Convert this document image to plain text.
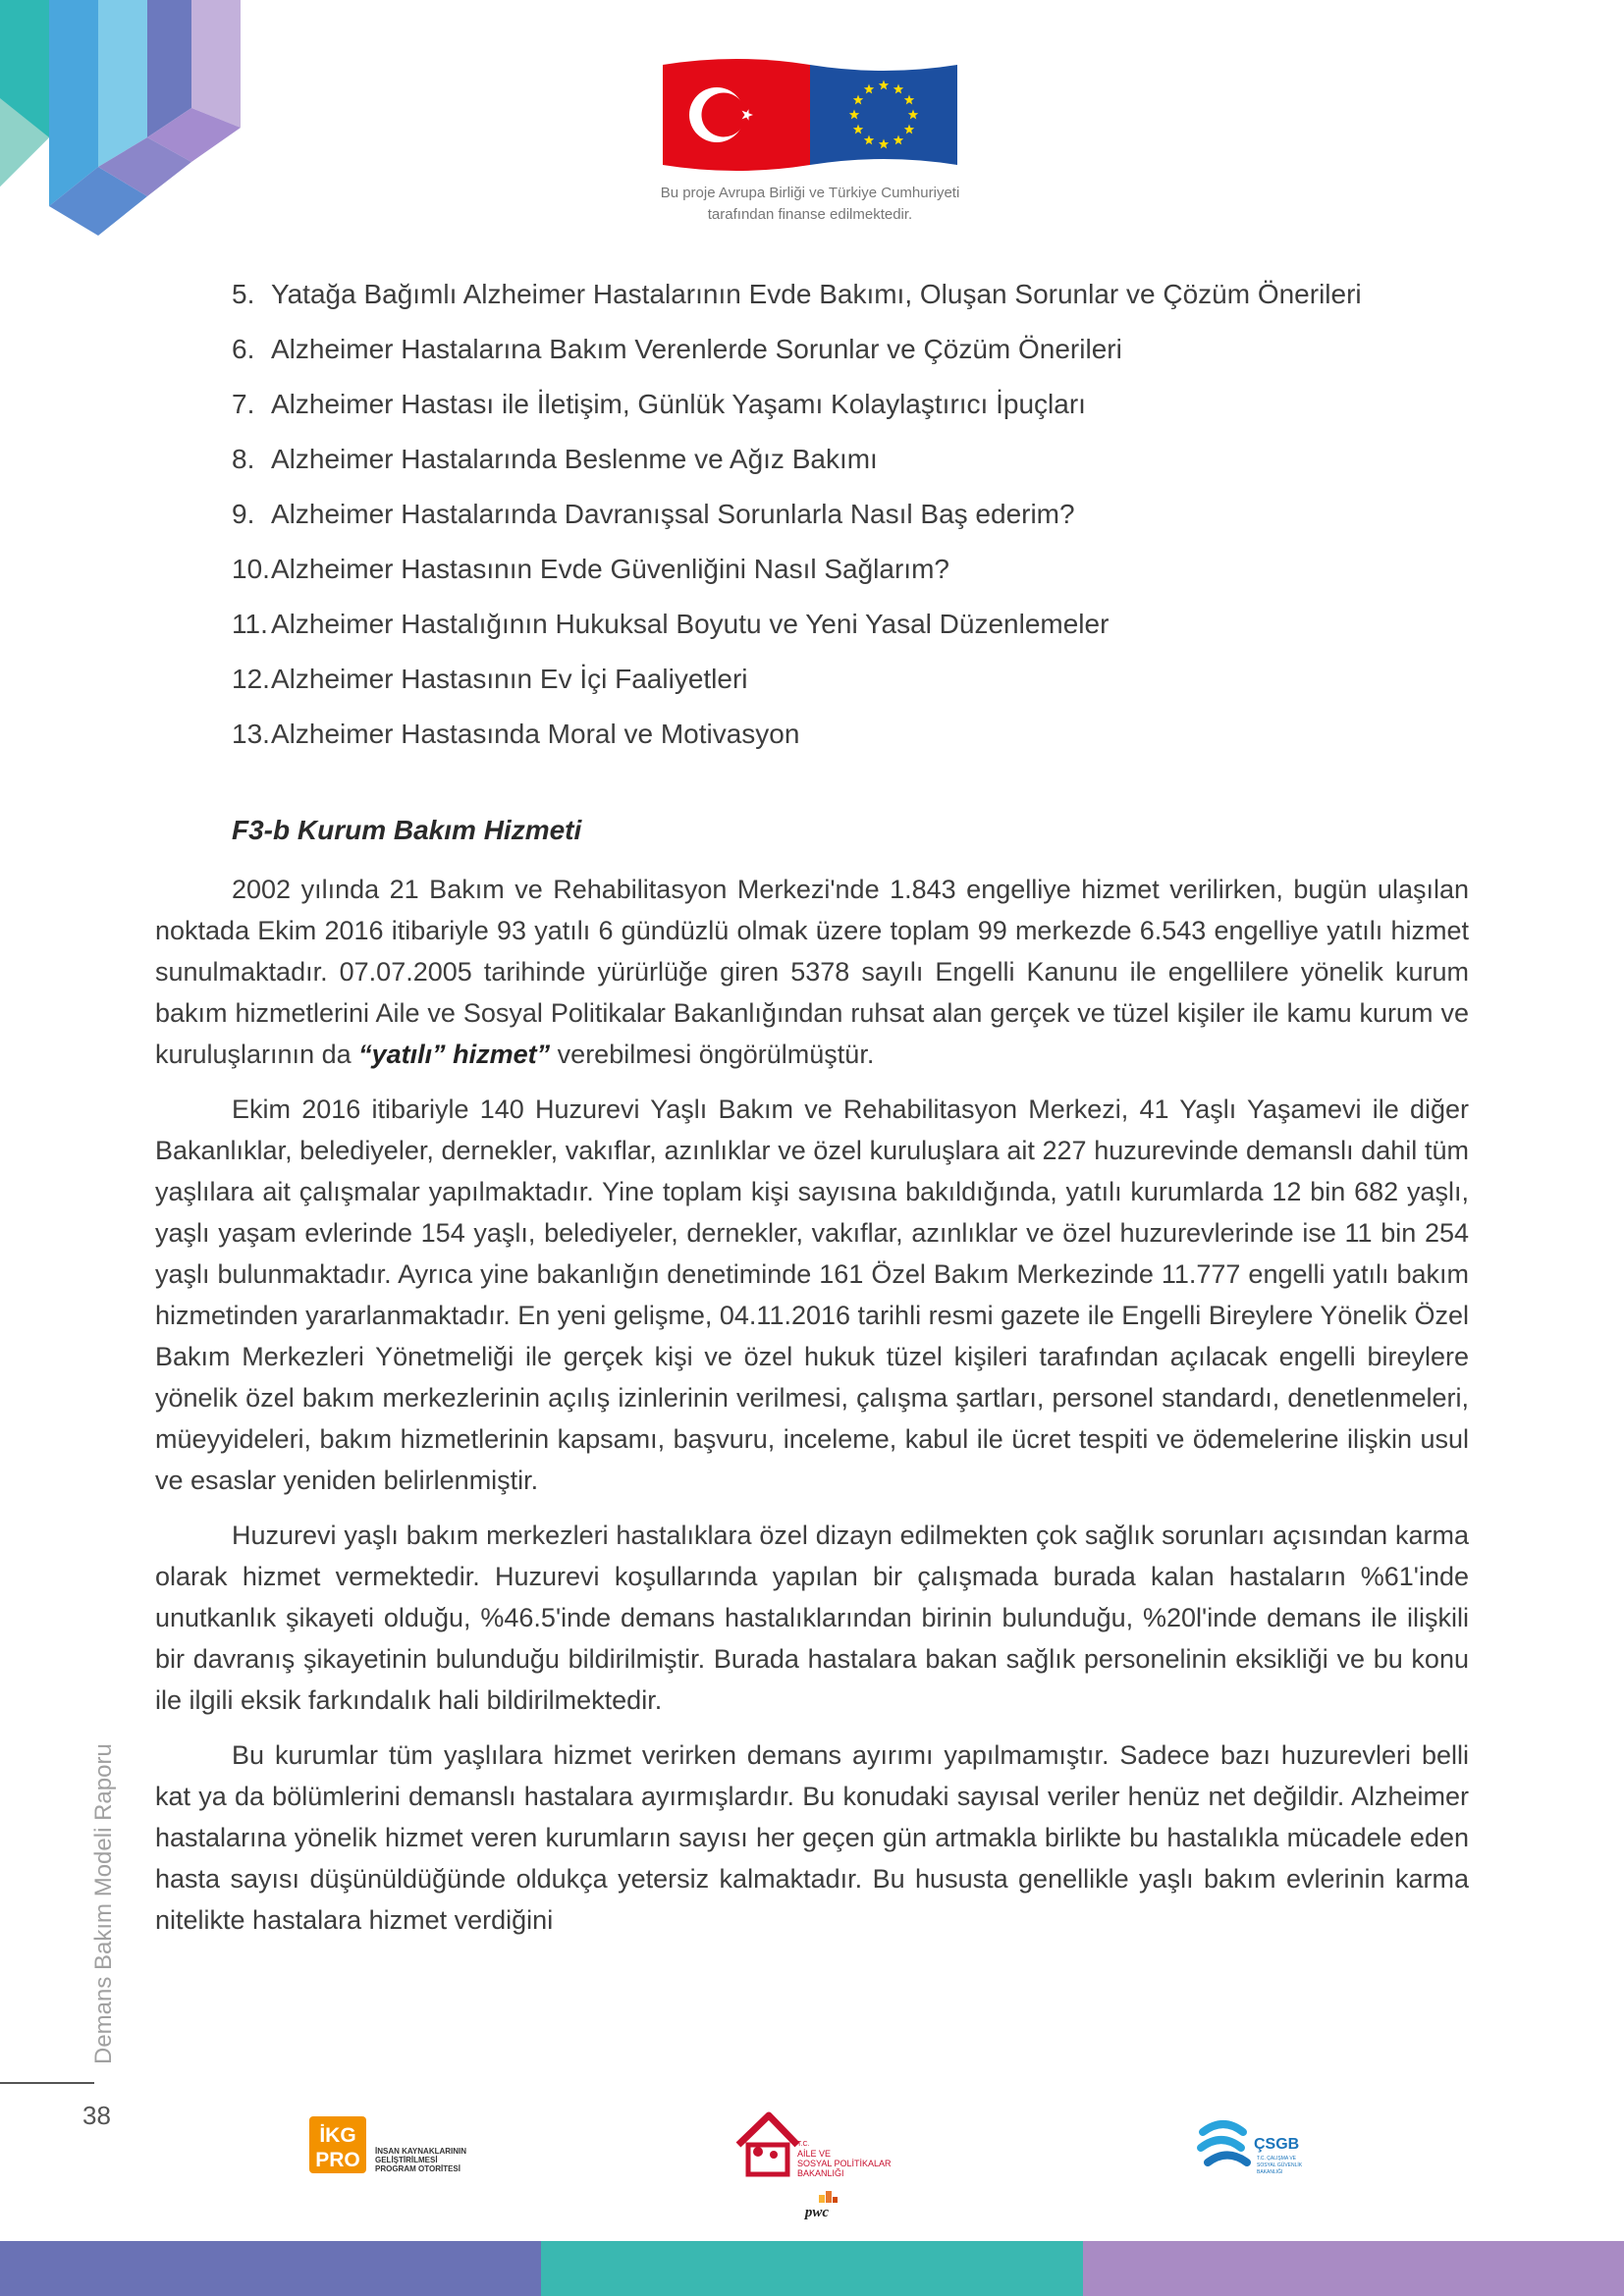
Bu proje Avrupa Birliği ve Türkiye Cumhuriyeti
tarafından finanse edilmektedir.
5. Yatağa Bağımlı Alzheimer Hastalarının Evde Bakımı, Oluşan Sorunlar ve Çözüm Önerileri
6. Alzheimer Hastalarına Bakım Verenlerde Sorunlar ve Çözüm Önerileri
7. Alzheimer Hastası ile İletişim, Günlük Yaşamı Kolaylaştırıcı İpuçları
8. Alzheimer Hastalarında Beslenme ve Ağız Bakımı
9. Alzheimer Hastalarında Davranışsal Sorunlarla Nasıl Baş ederim?
10.Alzheimer Hastasının Evde Güvenliğini Nasıl Sağlarım?
11. Alzheimer Hastalığının Hukuksal Boyutu ve Yeni Yasal Düzenlemeler
12.Alzheimer Hastasının Ev İçi Faaliyetleri
13.Alzheimer Hastasında Moral ve Motivasyon
F3-b Kurum Bakım Hizmeti

2002 yılında 21 Bakım ve Rehabilitasyon Merkezi'nde 1.843 engelliye hizmet verilirken, bugün ulaşılan noktada Ekim 2016 itibariyle 93 yatılı 6 gündüzlü olmak üzere toplam 99 merkezde 6.543 engelliye yatılı hizmet sunulmaktadır. 07.07.2005 tarihinde yürürlüğe giren 5378 sayılı Engelli Kanunu ile engellilere yönelik kurum bakım hizmetlerini Aile ve Sosyal Politikalar Bakanlığından ruhsat alan gerçek ve tüzel kişiler ile kamu kurum ve kuruluşlarının da “yatılı” hizmet” verebilmesi öngörülmüştür.

Ekim 2016 itibariyle 140 Huzurevi Yaşlı Bakım ve Rehabilitasyon Merkezi, 41 Yaşlı Yaşamevi ile diğer Bakanlıklar, belediyeler, dernekler, vakıflar, azınlıklar ve özel kuruluşlara ait 227 huzurevinde demanslı dahil tüm yaşlılara ait çalışmalar yapılmaktadır. Yine toplam kişi sayısına bakıldığında, yatılı kurumlarda 12 bin 682 yaşlı, yaşlı yaşam evlerinde 154 yaşlı, belediyeler, dernekler, vakıflar, azınlıklar ve özel huzurevlerinde ise 11 bin 254 yaşlı bulunmaktadır. Ayrıca yine bakanlığın denetiminde 161 Özel Bakım Merkezinde 11.777 engelli yatılı bakım hizmetinden yararlanmaktadır. En yeni gelişme, 04.11.2016 tarihli resmi gazete ile Engelli Bireylere Yönelik Özel Bakım Merkezleri Yönetmeliği ile gerçek kişi ve özel hukuk tüzel kişileri tarafından açılacak engelli bireylere yönelik özel bakım merkezlerinin açılış izinlerinin verilmesi, çalışma şartları, personel standardı, denetlenmeleri, müeyyideleri, bakım hizmetlerinin kapsamı, başvuru, inceleme, kabul ile ücret tespiti ve ödemelerine ilişkin usul ve esaslar yeniden belirlenmiştir.

Huzurevi yaşlı bakım merkezleri hastalıklara özel dizayn edilmekten çok sağlık sorunları açısından karma olarak hizmet vermektedir. Huzurevi koşullarında yapılan bir çalışmada burada kalan hastaların %61'inde unutkanlık şikayeti olduğu, %46.5'inde demans hastalıklarından birinin bulunduğu, %20l'inde demans ile ilişkili bir davranış şikayetinin bulunduğu bildirilmiştir. Burada hastalara bakan sağlık personelinin eksikliği ve bu konu ile ilgili eksik farkındalık hali bildirilmektedir.

Bu kurumlar tüm yaşlılara hizmet verirken demans ayırımı yapılmamıştır. Sadece bazı huzurevleri belli kat ya da bölümlerini demanslı hastalara ayırmışlardır. Bu konudaki sayısal veriler henüz net değildir. Alzheimer hastalarına yönelik hizmet veren kurumların sayısı her geçen gün artmakla birlikte bu hastalıkla mücadele eden hasta sayısı düşünüldüğünde oldukça yetersiz kalmaktadır. Bu hususta genellikle yaşlı bakım evlerinin karma nitelikte hastalara hizmet verdiğini

Demans Bakım Modeli Raporu
38
İKG
PRO İNSAN KAYNAKLARININ
GELİŞTİRİLMESİ
PROGRAM OTORİTESİ
T.C.
AİLE VE
SOSYAL POLİTİKALAR
BAKANLIĞI
pwc
ÇSGB
T.C. ÇALIŞMA VE
SOSYAL GÜVENLİK
BAKANLIĞI
